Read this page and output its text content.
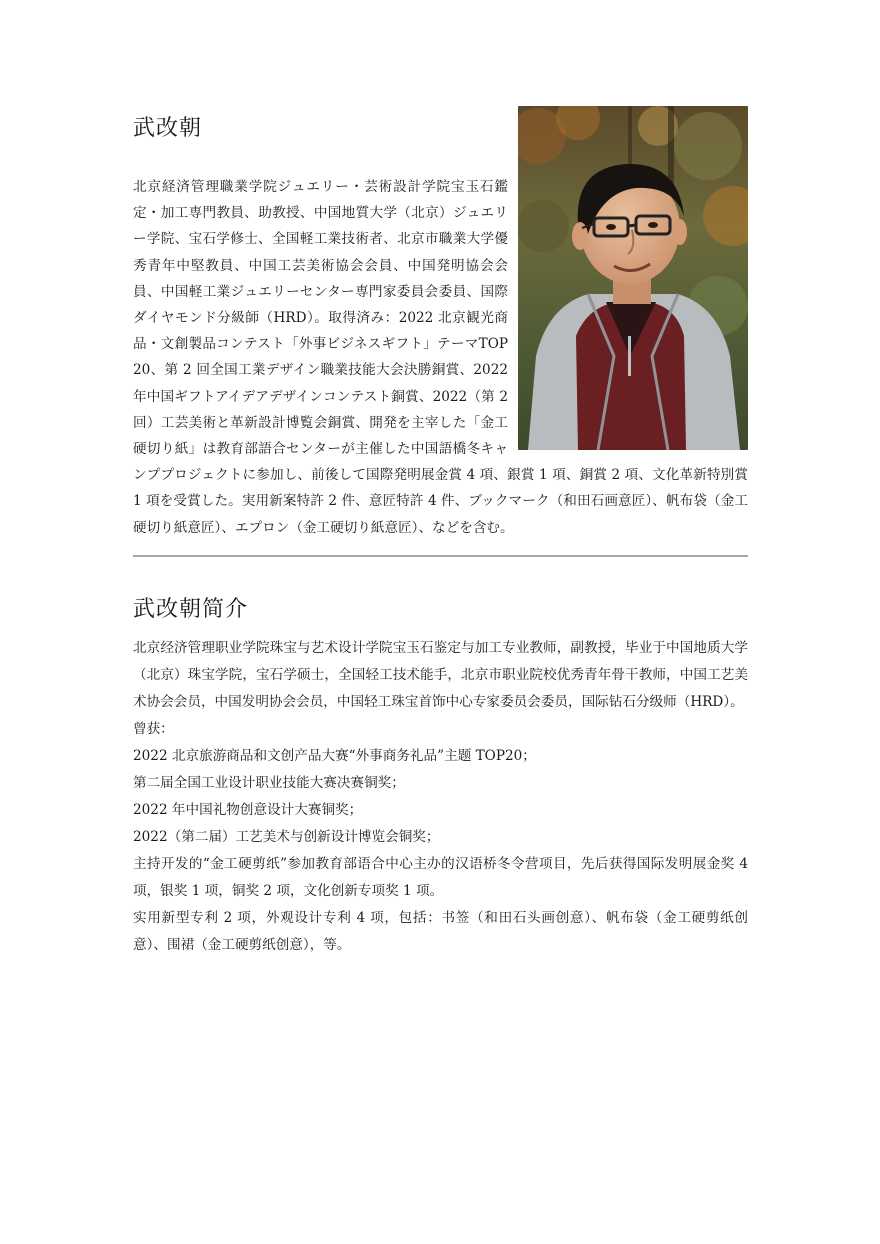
武改朝

北京経済管理職業学院ジュエリー・芸術設計学院宝玉石鑑定・加工専門教員、助教授、中国地質大学（北京）ジュエリー学院、宝石学修士、全国軽工業技術者、北京市職業大学優秀青年中堅教員、中国工芸美術協会会員、中国発明協会会員、中国軽工業ジュエリーセンター専門家委員会委員、国際ダイヤモンド分級師（HRD）。取得済み：2022 北京観光商品・文創製品コンテスト「外事ビジネスギフト」テーマTOP 20、第 2 回全国工業デザイン職業技能大会決勝銅賞、2022 年中国ギフトアイデアデザインコンテスト銅賞、2022（第 2 回）工芸美術と革新設計博覧会銅賞、開発を主宰した「金工硬切り紙」は教育部語合センターが主催した中国語橋冬キャンププロジェクトに参加し、前後して国際発明展金賞 4 項、銀賞 1 項、銅賞 2 項、文化革新特別賞 1 項を受賞した。実用新案特許 2 件、意匠特許 4 件、ブックマーク（和田石画意匠）、帆布袋（金工硬切り紙意匠）、エプロン（金工硬切り紙意匠）、などを含む。

武改朝简介

北京经济管理职业学院珠宝与艺术设计学院宝玉石鉴定与加工专业教师，副教授，毕业于中国地质大学（北京）珠宝学院，宝石学硕士，全国轻工技术能手，北京市职业院校优秀青年骨干教师，中国工艺美术协会会员，中国发明协会会员，中国轻工珠宝首饰中心专家委员会委员，国际钻石分级师（HRD）。

曾获：

2022 北京旅游商品和文创产品大赛“外事商务礼品”主题 TOP20；

第二届全国工业设计职业技能大赛决赛铜奖；

2022 年中国礼物创意设计大赛铜奖；

2022（第二届）工艺美术与创新设计博览会铜奖；

主持开发的“金工硬剪纸”参加教育部语合中心主办的汉语桥冬令营项目，先后获得国际发明展金奖 4 项，银奖 1 项，铜奖 2 项，文化创新专项奖 1 项。

实用新型专利 2 项，外观设计专利 4 项，包括：书签（和田石头画创意）、帆布袋（金工硬剪纸创意）、围裙（金工硬剪纸创意），等。
